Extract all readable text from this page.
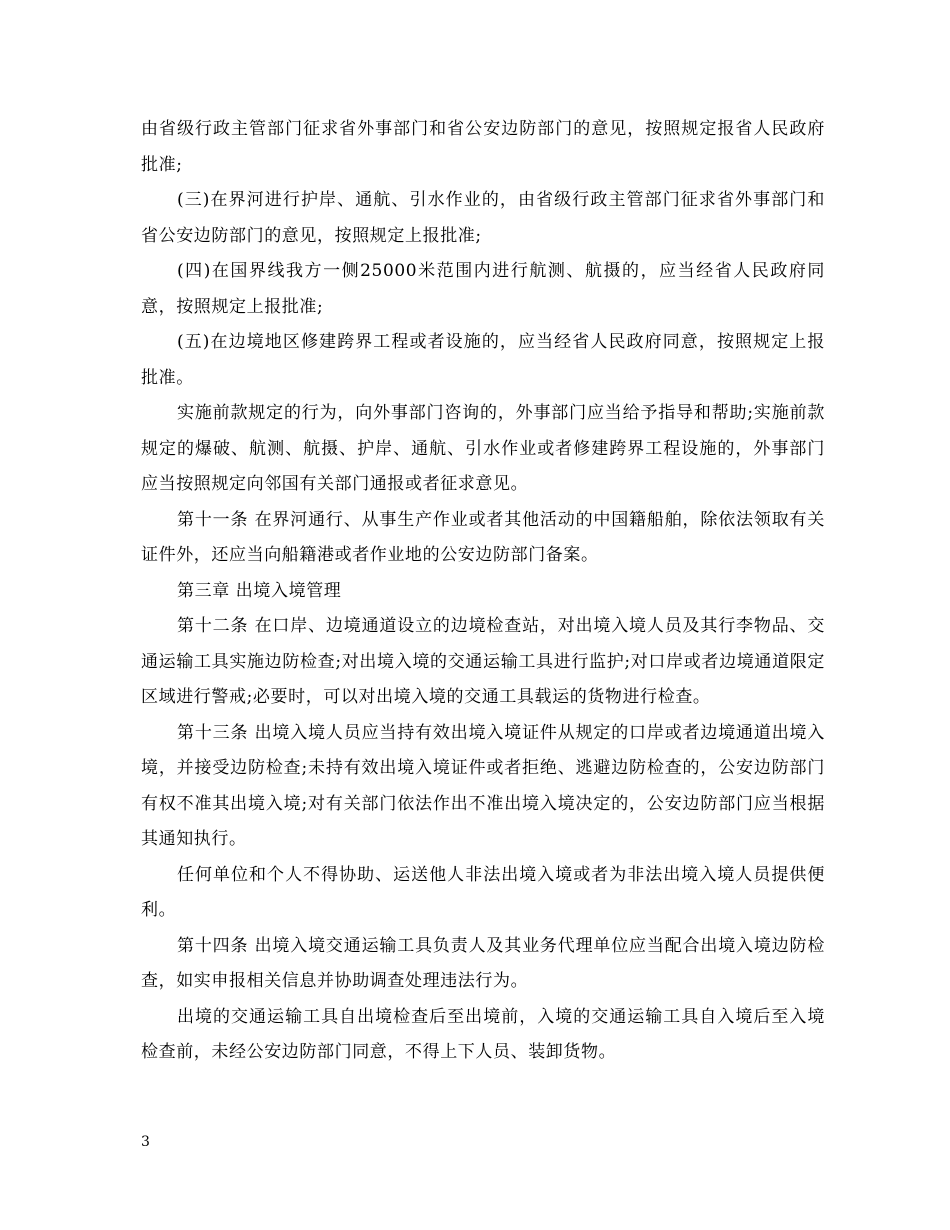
由省级行政主管部门征求省外事部门和省公安边防部门的意见，按照规定报省人民政府批准;

(三)在界河进行护岸、通航、引水作业的，由省级行政主管部门征求省外事部门和省公安边防部门的意见，按照规定上报批准;

(四)在国界线我方一侧25000米范围内进行航测、航摄的，应当经省人民政府同意，按照规定上报批准;

(五)在边境地区修建跨界工程或者设施的，应当经省人民政府同意，按照规定上报批准。

实施前款规定的行为，向外事部门咨询的，外事部门应当给予指导和帮助;实施前款规定的爆破、航测、航摄、护岸、通航、引水作业或者修建跨界工程设施的，外事部门应当按照规定向邻国有关部门通报或者征求意见。

第十一条 在界河通行、从事生产作业或者其他活动的中国籍船舶，除依法领取有关证件外，还应当向船籍港或者作业地的公安边防部门备案。

第三章 出境入境管理

第十二条 在口岸、边境通道设立的边境检查站，对出境入境人员及其行李物品、交通运输工具实施边防检查;对出境入境的交通运输工具进行监护;对口岸或者边境通道限定区域进行警戒;必要时，可以对出境入境的交通工具载运的货物进行检查。

第十三条 出境入境人员应当持有效出境入境证件从规定的口岸或者边境通道出境入境，并接受边防检查;未持有效出境入境证件或者拒绝、逃避边防检查的，公安边防部门有权不准其出境入境;对有关部门依法作出不准出境入境决定的，公安边防部门应当根据其通知执行。

任何单位和个人不得协助、运送他人非法出境入境或者为非法出境入境人员提供便利。

第十四条 出境入境交通运输工具负责人及其业务代理单位应当配合出境入境边防检查，如实申报相关信息并协助调查处理违法行为。

出境的交通运输工具自出境检查后至出境前，入境的交通运输工具自入境后至入境检查前，未经公安边防部门同意，不得上下人员、装卸货物。

3
